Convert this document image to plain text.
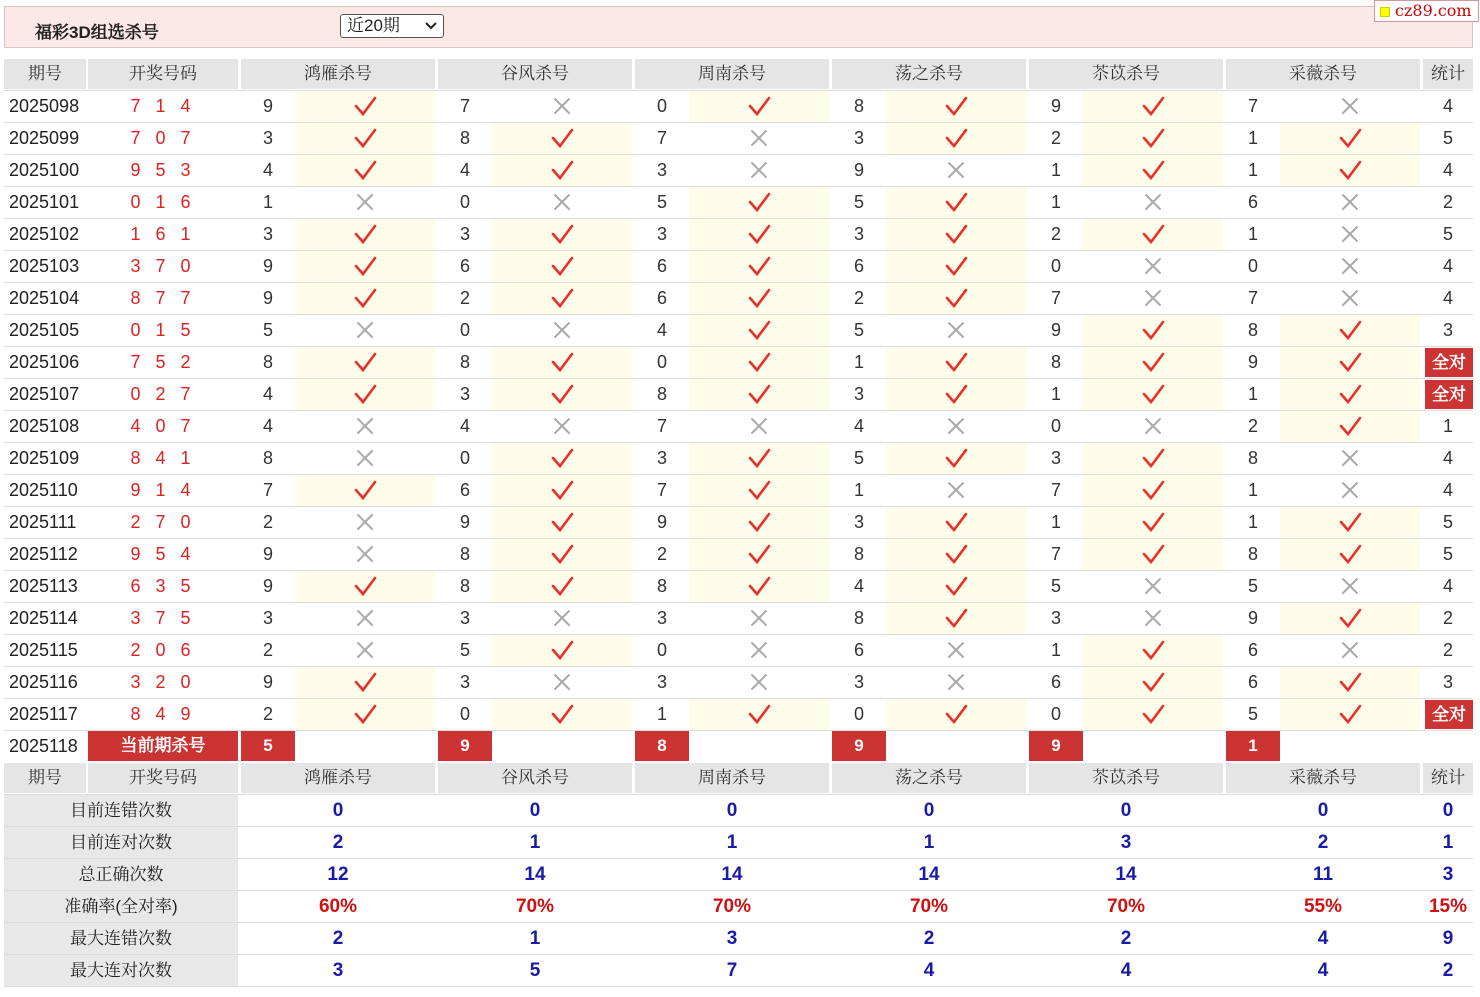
福彩3D组选杀号	近20期
cz89.com
期号	开奖号码	鸿雁杀号	谷风杀号	周南杀号	荡之杀号	苶苡杀号	采薇杀号	统计
2025098	7 1 4	9	7	0	8	9	7	4
2025099	7 0 7	3	8	7	3	2	1	5
2025100	9 5 3	4	4	3	9	1	1	4
2025101	0 1 6	1	0	5	5	1	6	2
2025102	1 6 1	3	3	3	3	2	1	5
2025103	3 7 0	9	6	6	6	0	0	4
2025104	8 7 7	9	2	6	2	7	7	4
2025105	0 1 5	5	0	4	5	9	8	3
2025106	7 5 2	8	8	0	1	8	9	全对
2025107	0 2 7	4	3	8	3	1	1	全对
2025108	4 0 7	4	4	7	4	0	2	1
2025109	8 4 1	8	0	3	5	3	8	4
2025110	9 1 4	7	6	7	1	7	1	4
2025111	2 7 0	2	9	9	3	1	1	5
2025112	9 5 4	9	8	2	8	7	8	5
2025113	6 3 5	9	8	8	4	5	5	4
2025114	3 7 5	3	3	3	8	3	9	2
2025115	2 0 6	2	5	0	6	1	6	2
2025116	3 2 0	9	3	3	3	6	6	3
2025117	8 4 9	2	0	1	0	0	5	全对
2025118	当前期杀号	5	9	8	9	9	1
期号	开奖号码	鸿雁杀号	谷风杀号	周南杀号	荡之杀号	苶苡杀号	采薇杀号	统计
目前连错次数	0	0	0	0	0	0	0
目前连对次数	2	1	1	1	3	2	1
总正确次数	12	14	14	14	14	11	3
准确率(全对率)	60%	70%	70%	70%	70%	55%	15%
最大连错次数	2	1	3	2	2	4	9
最大连对次数	3	5	7	4	4	4	2
